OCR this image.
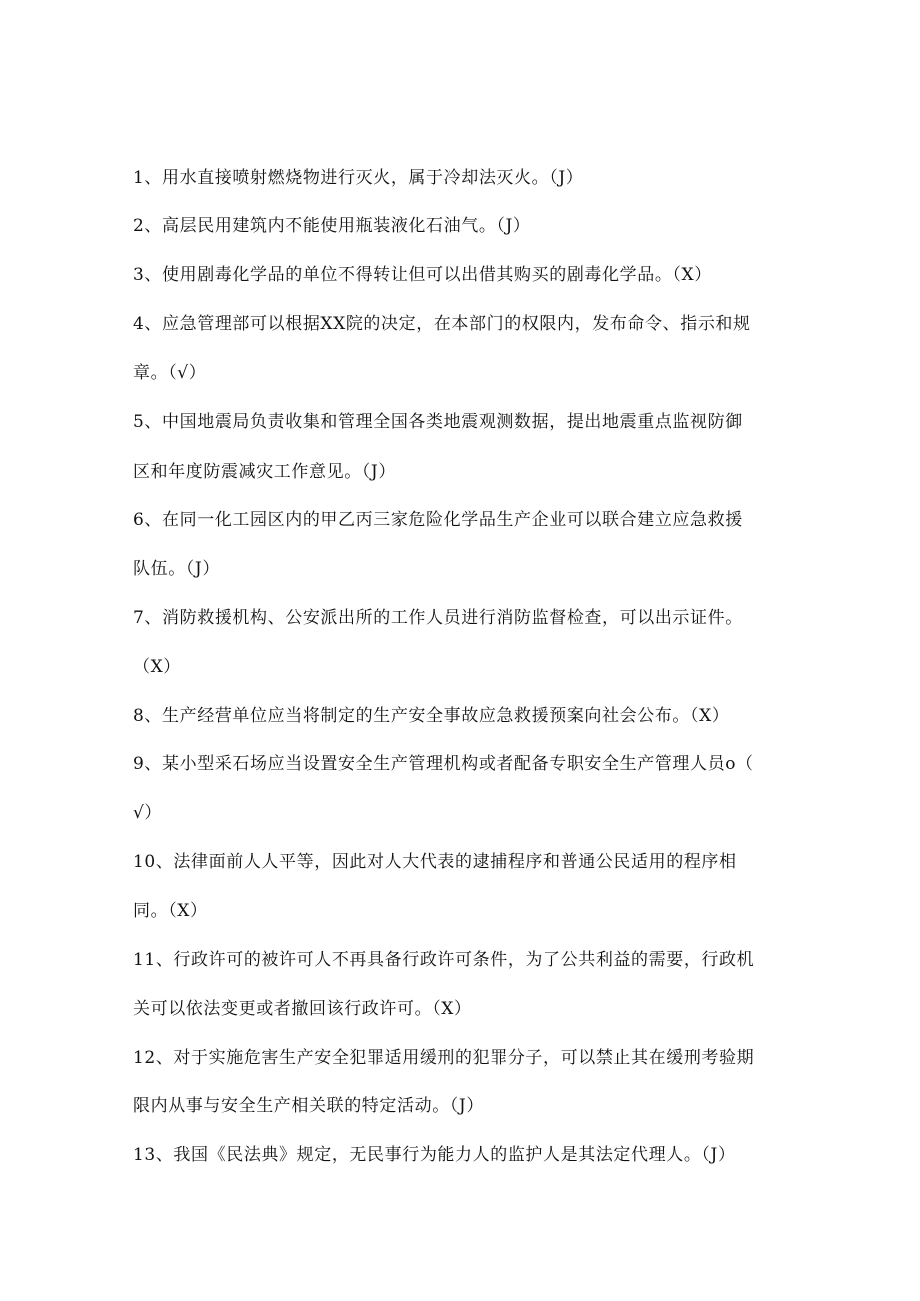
1、用水直接喷射燃烧物进行灭火，属于冷却法灭火。（J）
2、高层民用建筑内不能使用瓶装液化石油气。（J）
3、使用剧毒化学品的单位不得转让但可以出借其购买的剧毒化学品。（X）
4、应急管理部可以根据XX院的决定，在本部门的权限内，发布命令、指示和规
章。（√）
5、中国地震局负责收集和管理全国各类地震观测数据，提出地震重点监视防御
区和年度防震减灾工作意见。（J）
6、在同一化工园区内的甲乙丙三家危险化学品生产企业可以联合建立应急救援
队伍。（J）
7、消防救援机构、公安派出所的工作人员进行消防监督检查，可以出示证件。
（X）
8、生产经营单位应当将制定的生产安全事故应急救援预案向社会公布。（X）
9、某小型采石场应当设置安全生产管理机构或者配备专职安全生产管理人员o（
√）
10、法律面前人人平等，因此对人大代表的逮捕程序和普通公民适用的程序相
同。（X）
11、行政许可的被许可人不再具备行政许可条件，为了公共利益的需要，行政机
关可以依法变更或者撤回该行政许可。（X）
12、对于实施危害生产安全犯罪适用缓刑的犯罪分子，可以禁止其在缓刑考验期
限内从事与安全生产相关联的特定活动。（J）
13、我国《民法典》规定，无民事行为能力人的监护人是其法定代理人。（J）
